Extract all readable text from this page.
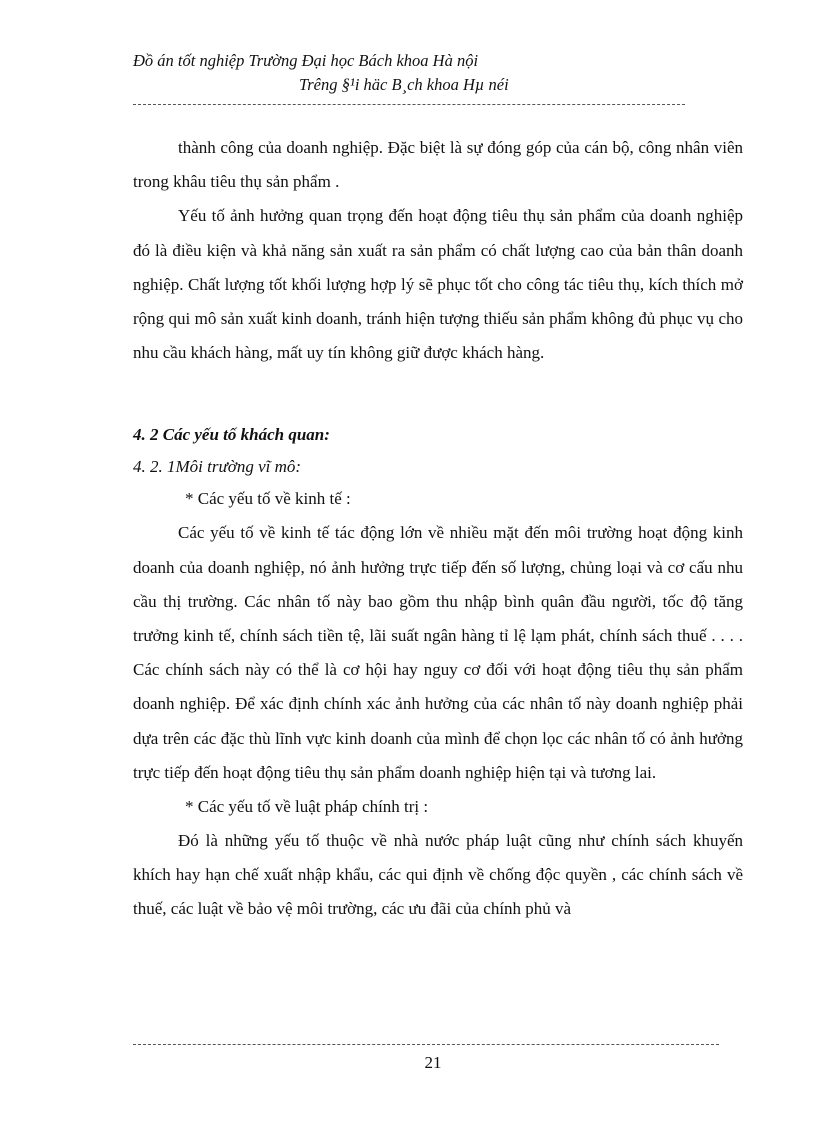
Đồ án tốt nghiệp Trường Đại học Bách khoa Hà nội
Trêng §¹i häc B¸ch khoa Hµ néi

thành công của doanh nghiệp. Đặc biệt là sự đóng góp của cán bộ, công nhân viên trong khâu tiêu thụ sản phẩm .

Yếu tố ảnh hưởng quan trọng đến hoạt động tiêu thụ sản phẩm của doanh nghiệp đó là điều kiện và khả năng sản xuất ra sản phẩm có chất lượng cao của bản thân doanh nghiệp. Chất lượng tốt khối lượng hợp lý sẽ phục tốt cho công tác tiêu thụ, kích thích mở rộng qui mô sản xuất kinh doanh, tránh hiện tượng thiếu sản phẩm không đủ phục vụ cho nhu cầu khách hàng, mất uy tín không giữ được khách hàng.

4. 2 Các yếu tố khách quan:
4. 2. 1Môi trường vĩ mô:
* Các yếu tố về kinh tế :

Các yếu tố về kinh tế tác động lớn về nhiều mặt đến môi trường hoạt động kinh doanh của doanh nghiệp, nó ảnh hưởng trực tiếp đến số lượng, chủng loại và cơ cấu nhu cầu thị trường. Các nhân tố này bao gồm thu nhập bình quân đầu người, tốc độ tăng trưởng kinh tế, chính sách tiền tệ, lãi suất ngân hàng tỉ lệ lạm phát, chính sách thuế . . . . Các chính sách này có thể là cơ hội hay nguy cơ đối với hoạt động tiêu thụ sản phẩm doanh nghiệp. Để xác định chính xác ảnh hưởng của các nhân tố này doanh nghiệp phải dựa trên các đặc thù lĩnh vực kinh doanh của mình để chọn lọc các nhân tố có ảnh hưởng trực tiếp đến hoạt động tiêu thụ sản phẩm doanh nghiệp hiện tại và tương lai.

* Các yếu tố về luật pháp chính trị :

Đó là những yếu tố thuộc về nhà nước pháp luật cũng như chính sách khuyến khích hay hạn chế xuất nhập khẩu, các qui định về chống độc quyền , các chính sách về thuế, các luật về bảo vệ môi trường, các ưu đãi của chính phủ và

21
